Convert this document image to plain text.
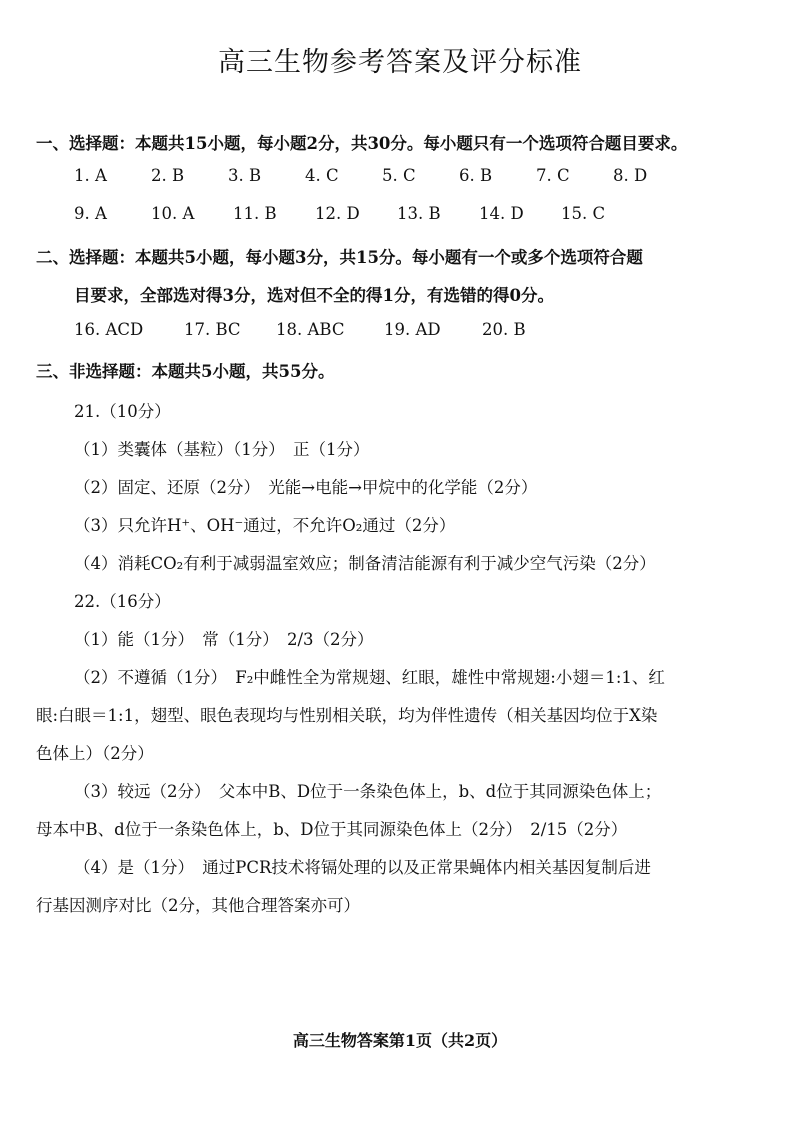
高三生物参考答案及评分标准
一、选择题：本题共15小题，每小题2分，共30分。每小题只有一个选项符合题目要求。
1. A	2. B	3. B	4. C	5. C	6. B	7. C	8. D
9. A	10. A 11. B 12. D 13. B 14. D 15. C
二、选择题：本题共5小题，每小题3分，共15分。每小题有一个或多个选项符合题
目要求，全部选对得3分，选对但不全的得1分，有选错的得0分。
16. ACD 17. BC 18. ABC 19. AD	20. B
三、非选择题：本题共5小题，共55分。
21.（10分）
（1）类囊体（基粒）（1分）　正（1分）
（2）固定、还原（2分）　光能→电能→甲烷中的化学能（2分）
（3）只允许H⁺、OH⁻通过，不允许O₂通过（2分）
（4）消耗CO₂有利于减弱温室效应；制备清洁能源有利于减少空气污染（2分）
22.（16分）
（1）能（1分）　常（1分）　2/3（2分）
（2）不遵循（1分）　F₂中雌性全为常规翅、红眼，雄性中常规翅:小翅＝1:1、红
眼:白眼＝1:1，翅型、眼色表现均与性别相关联，均为伴性遗传（相关基因均位于X染
色体上）（2分）
（3）较远（2分）　父本中B、D位于一条染色体上，b、d位于其同源染色体上；
母本中B、d位于一条染色体上，b、D位于其同源染色体上（2分）　2/15（2分）
（4）是（1分）　通过PCR技术将镉处理的以及正常果蝇体内相关基因复制后进
行基因测序对比（2分，其他合理答案亦可）
高三生物答案第1页（共2页）
